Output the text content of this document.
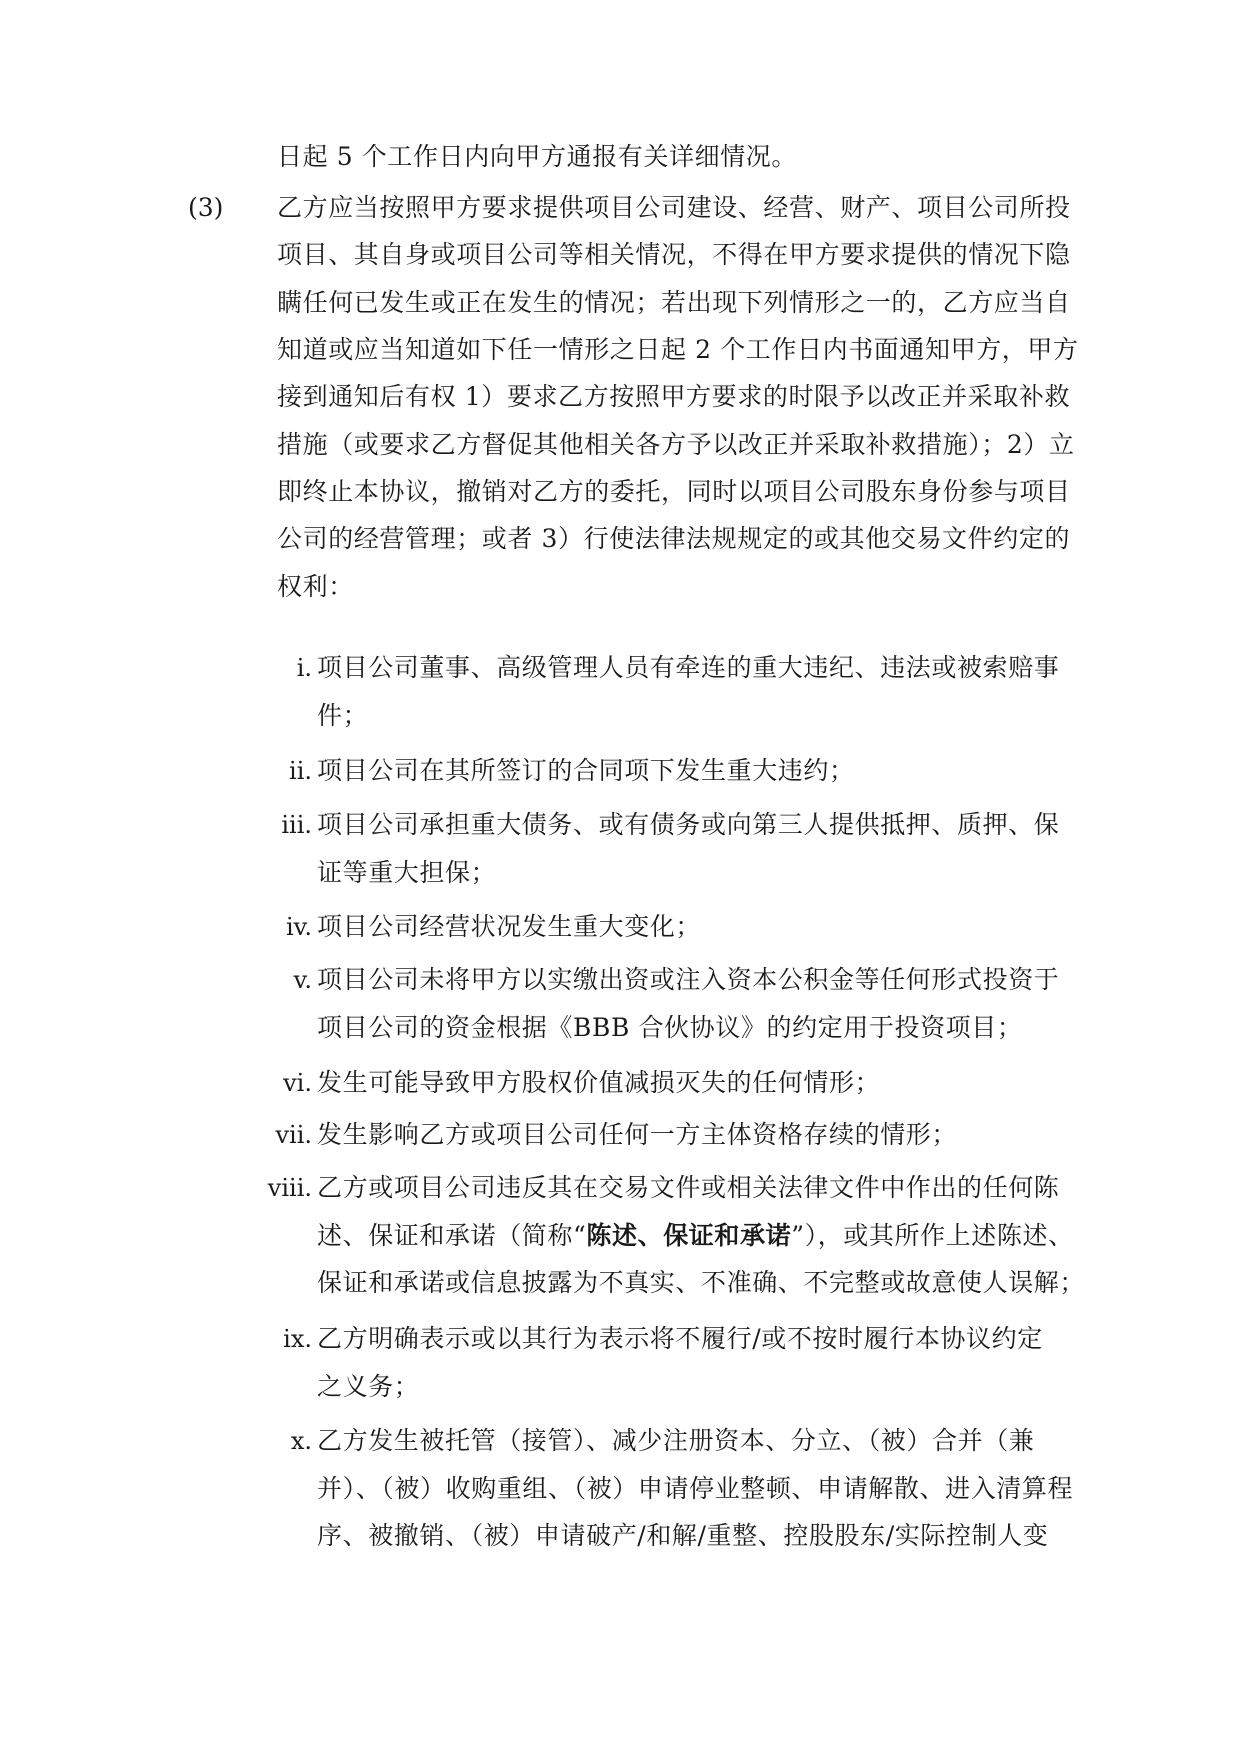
日起 5 个工作日内向甲方通报有关详细情况。
(3) 乙方应当按照甲方要求提供项目公司建设、经营、财产、项目公司所投
项目、其自身或项目公司等相关情况，不得在甲方要求提供的情况下隐
瞒任何已发生或正在发生的情况；若出现下列情形之一的，乙方应当自
知道或应当知道如下任一情形之日起 2 个工作日内书面通知甲方，甲方
接到通知后有权 1）要求乙方按照甲方要求的时限予以改正并采取补救
措施（或要求乙方督促其他相关各方予以改正并采取补救措施）；2）立
即终止本协议，撤销对乙方的委托，同时以项目公司股东身份参与项目
公司的经营管理；或者 3）行使法律法规规定的或其他交易文件约定的
权利：
i. 项目公司董事、高级管理人员有牵连的重大违纪、违法或被索赔事
件；
ii. 项目公司在其所签订的合同项下发生重大违约；
iii. 项目公司承担重大债务、或有债务或向第三人提供抵押、质押、保
证等重大担保；
iv. 项目公司经营状况发生重大变化；
v. 项目公司未将甲方以实缴出资或注入资本公积金等任何形式投资于
项目公司的资金根据《BBB 合伙协议》的约定用于投资项目；
vi. 发生可能导致甲方股权价值减损灭失的任何情形；
vii. 发生影响乙方或项目公司任何一方主体资格存续的情形；
viii. 乙方或项目公司违反其在交易文件或相关法律文件中作出的任何陈
述、保证和承诺（简称“陈述、保证和承诺”），或其所作上述陈述、
保证和承诺或信息披露为不真实、不准确、不完整或故意使人误解；
ix. 乙方明确表示或以其行为表示将不履行/或不按时履行本协议约定
之义务；
x. 乙方发生被托管（接管）、减少注册资本、分立、（被）合并（兼
并）、（被）收购重组、（被）申请停业整顿、申请解散、进入清算程
序、被撤销、（被）申请破产/和解/重整、控股股东/实际控制人变
